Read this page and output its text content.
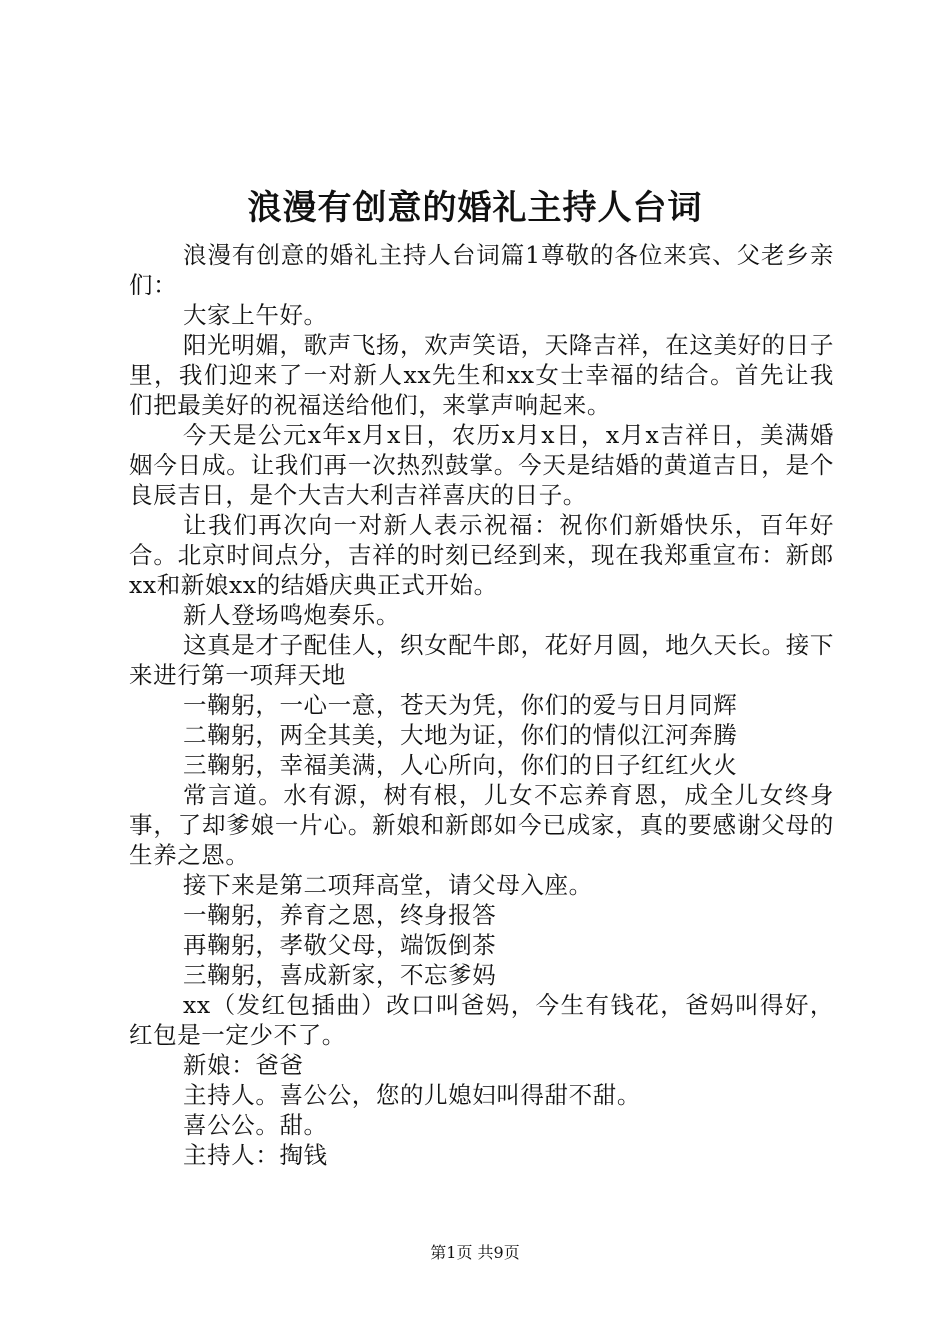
浪漫有创意的婚礼主持人台词

浪漫有创意的婚礼主持人台词篇1尊敬的各位来宾、父老乡亲们：

大家上午好。

阳光明媚，歌声飞扬，欢声笑语，天降吉祥，在这美好的日子里，我们迎来了一对新人xx先生和xx女士幸福的结合。首先让我们把最美好的祝福送给他们，来掌声响起来。

今天是公元x年x月x日，农历x月x日，x月x吉祥日，美满婚姻今日成。让我们再一次热烈鼓掌。今天是结婚的黄道吉日，是个良辰吉日，是个大吉大利吉祥喜庆的日子。

让我们再次向一对新人表示祝福：祝你们新婚快乐，百年好合。北京时间点分，吉祥的时刻已经到来，现在我郑重宣布：新郎xx和新娘xx的结婚庆典正式开始。

新人登场鸣炮奏乐。

这真是才子配佳人，织女配牛郎，花好月圆，地久天长。接下来进行第一项拜天地

一鞠躬，一心一意，苍天为凭，你们的爱与日月同辉

二鞠躬，两全其美，大地为证，你们的情似江河奔腾

三鞠躬，幸福美满，人心所向，你们的日子红红火火

常言道。水有源，树有根，儿女不忘养育恩，成全儿女终身事，了却爹娘一片心。新娘和新郎如今已成家，真的要感谢父母的生养之恩。

接下来是第二项拜高堂，请父母入座。

一鞠躬，养育之恩，终身报答

再鞠躬，孝敬父母，端饭倒茶

三鞠躬，喜成新家，不忘爹妈

xx（发红包插曲）改口叫爸妈，今生有钱花，爸妈叫得好，红包是一定少不了。

新娘：爸爸

主持人。喜公公，您的儿媳妇叫得甜不甜。

喜公公。甜。

主持人：掏钱

第1页 共9页
